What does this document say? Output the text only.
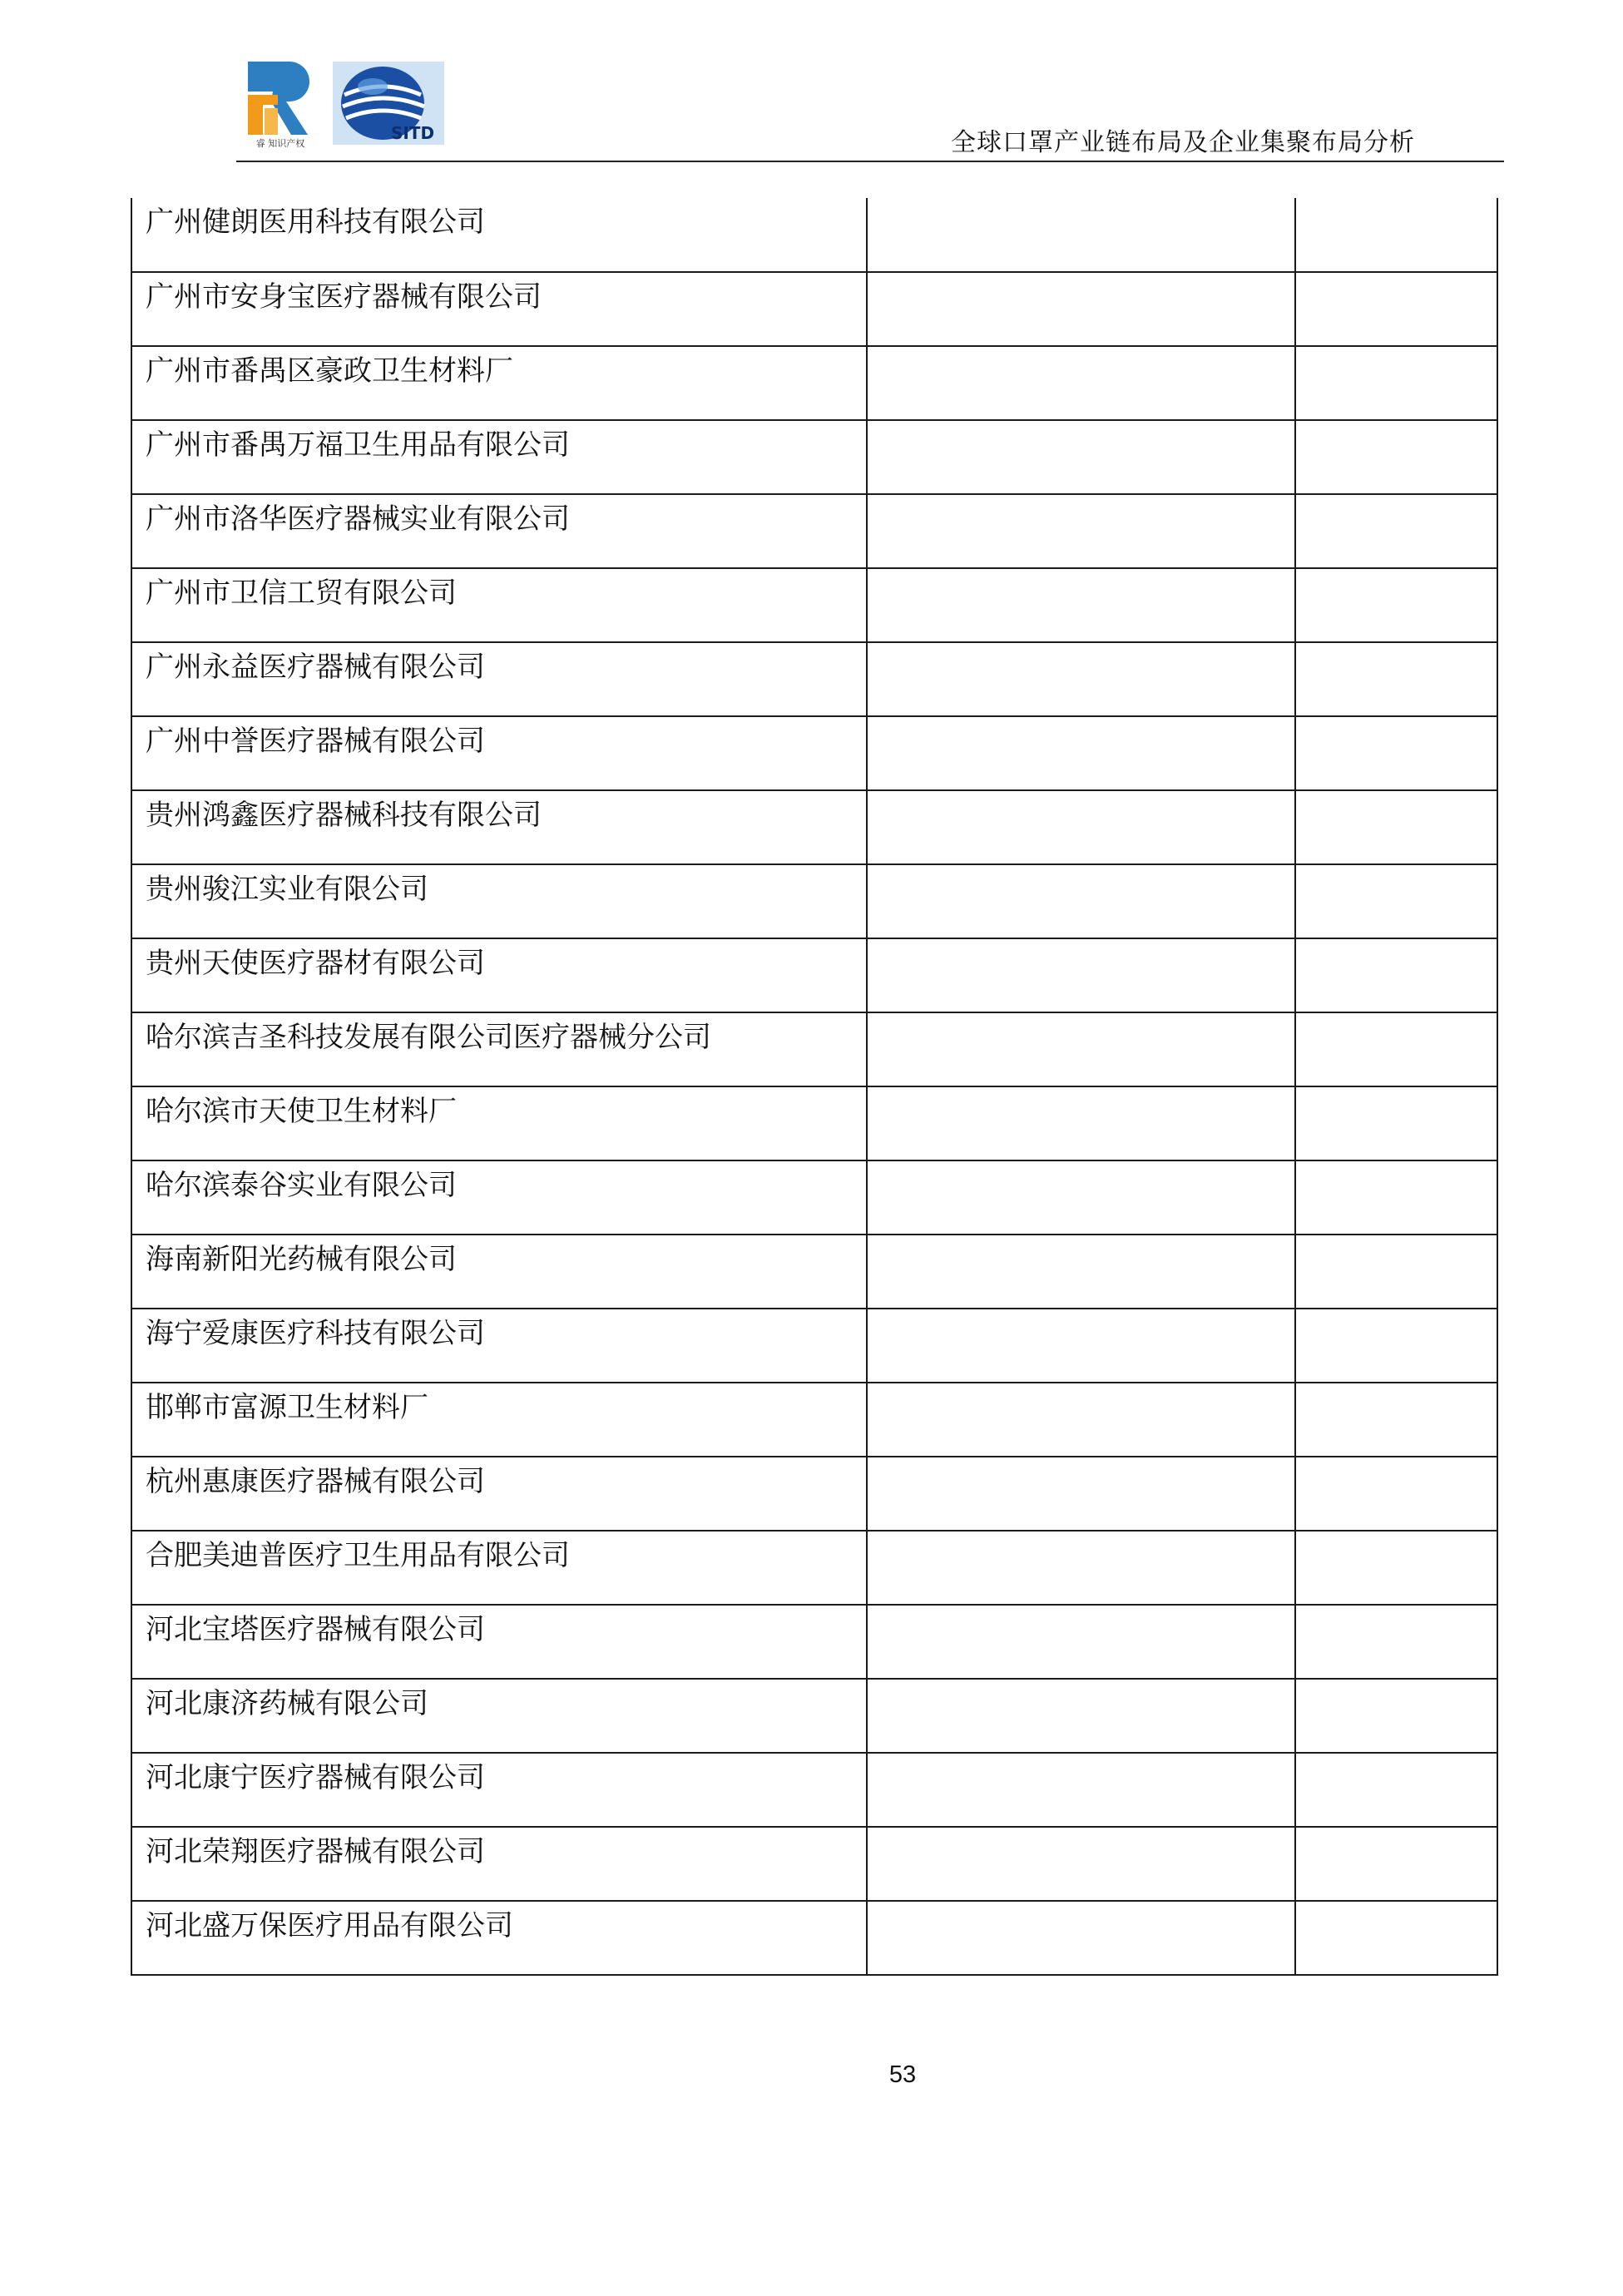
睿 知识产权
SITD	全球口罩产业链布局及企业集聚布局分析
广州健朗医用科技有限公司		
广州市安身宝医疗器械有限公司		
广州市番禺区豪政卫生材料厂		
广州市番禺万福卫生用品有限公司		
广州市洛华医疗器械实业有限公司		
广州市卫信工贸有限公司		
广州永益医疗器械有限公司		
广州中誉医疗器械有限公司		
贵州鸿鑫医疗器械科技有限公司		
贵州骏江实业有限公司		
贵州天使医疗器材有限公司		
哈尔滨吉圣科技发展有限公司医疗器械分公司		
哈尔滨市天使卫生材料厂		
哈尔滨泰谷实业有限公司		
海南新阳光药械有限公司		
海宁爱康医疗科技有限公司		
邯郸市富源卫生材料厂		
杭州惠康医疗器械有限公司		
合肥美迪普医疗卫生用品有限公司		
河北宝塔医疗器械有限公司		
河北康济药械有限公司		
河北康宁医疗器械有限公司		
河北荣翔医疗器械有限公司		
河北盛万保医疗用品有限公司		
53
